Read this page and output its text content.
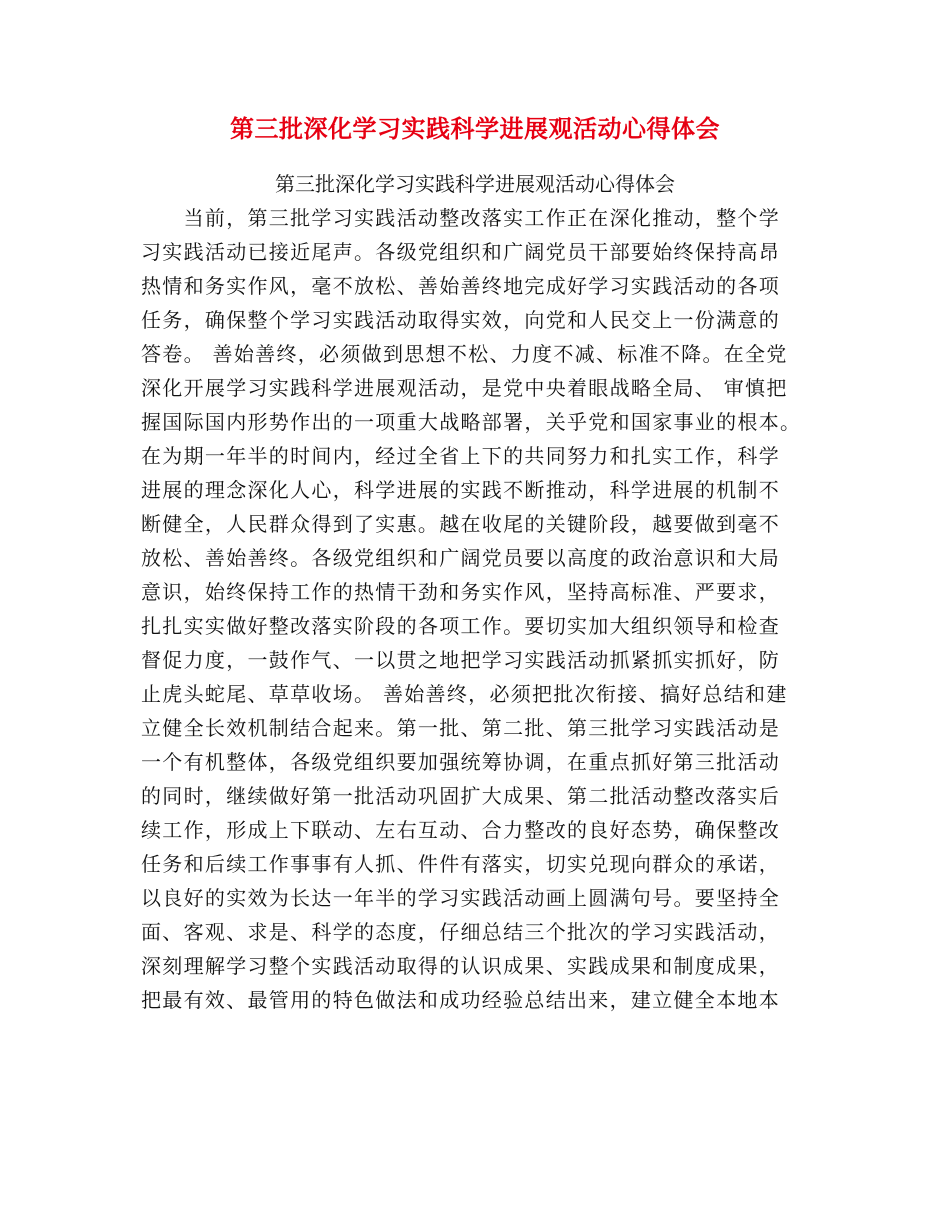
第三批深化学习实践科学进展观活动心得体会
第三批深化学习实践科学进展观活动心得体会
　　当前，第三批学习实践活动整改落实工作正在深化推动，整个学
习实践活动已接近尾声。各级党组织和广阔党员干部要始终保持高昂
热情和务实作风，毫不放松、善始善终地完成好学习实践活动的各项
任务，确保整个学习实践活动取得实效，向党和人民交上一份满意的
答卷。 善始善终，必须做到思想不松、力度不减、标准不降。在全党
深化开展学习实践科学进展观活动，是党中央着眼战略全局、 审慎把
握国际国内形势作出的一项重大战略部署，关乎党和国家事业的根本。
在为期一年半的时间内，经过全省上下的共同努力和扎实工作，科学
进展的理念深化人心，科学进展的实践不断推动，科学进展的机制不
断健全，人民群众得到了实惠。越在收尾的关键阶段，越要做到毫不
放松、善始善终。各级党组织和广阔党员要以高度的政治意识和大局
意识，始终保持工作的热情干劲和务实作风，坚持高标准、严要求，
扎扎实实做好整改落实阶段的各项工作。要切实加大组织领导和检查
督促力度，一鼓作气、一以贯之地把学习实践活动抓紧抓实抓好，防
止虎头蛇尾、草草收场。 善始善终，必须把批次衔接、搞好总结和建
立健全长效机制结合起来。第一批、第二批、第三批学习实践活动是
一个有机整体，各级党组织要加强统筹协调，在重点抓好第三批活动
的同时，继续做好第一批活动巩固扩大成果、第二批活动整改落实后
续工作，形成上下联动、左右互动、合力整改的良好态势，确保整改
任务和后续工作事事有人抓、件件有落实，切实兑现向群众的承诺，
以良好的实效为长达一年半的学习实践活动画上圆满句号。要坚持全
面、客观、求是、科学的态度，仔细总结三个批次的学习实践活动，
深刻理解学习整个实践活动取得的认识成果、实践成果和制度成果，
把最有效、最管用的特色做法和成功经验总结出来，建立健全本地本
